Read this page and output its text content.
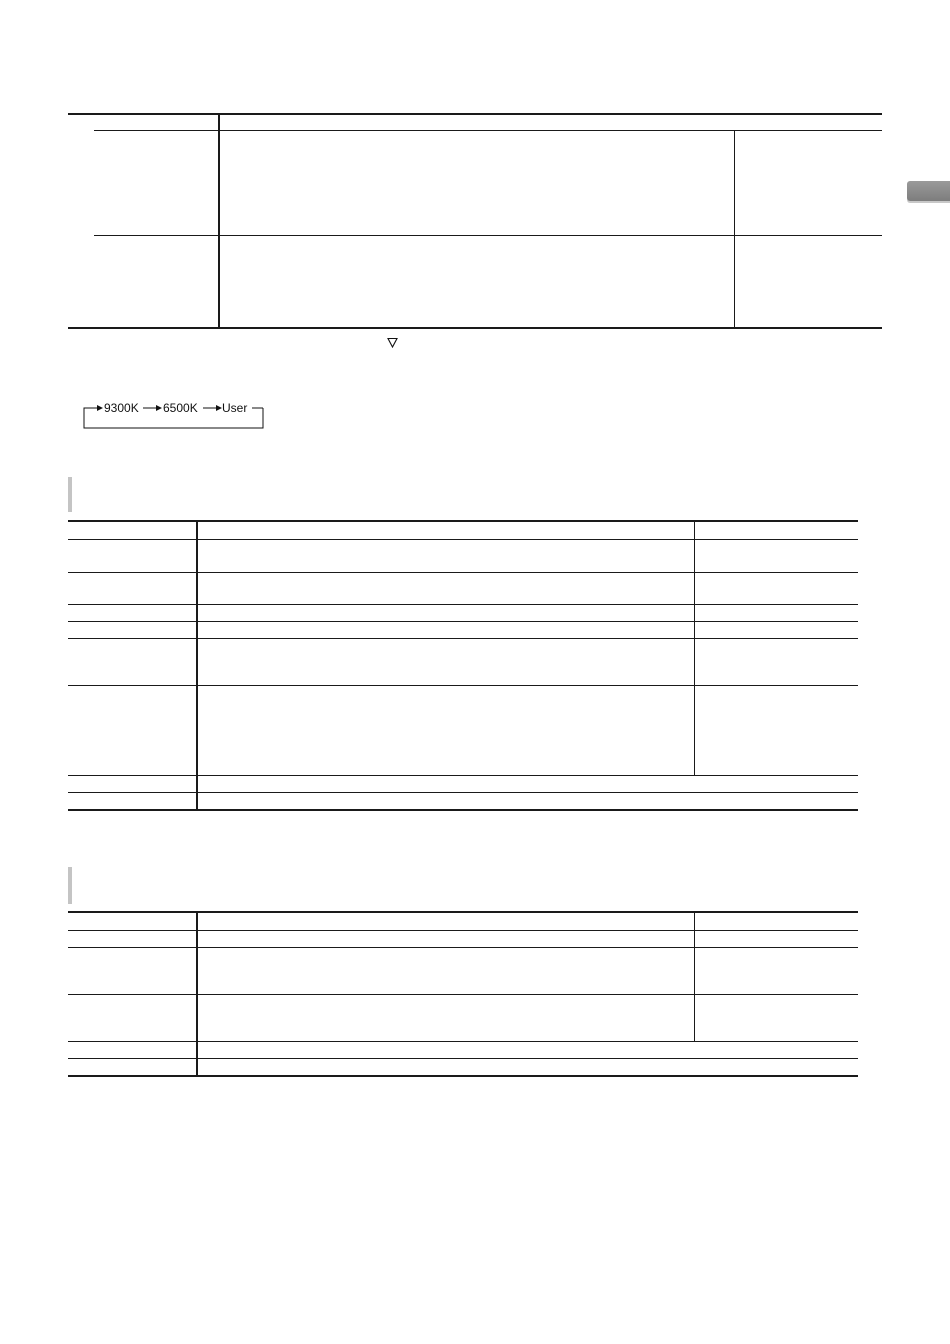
9300K 6500K User
